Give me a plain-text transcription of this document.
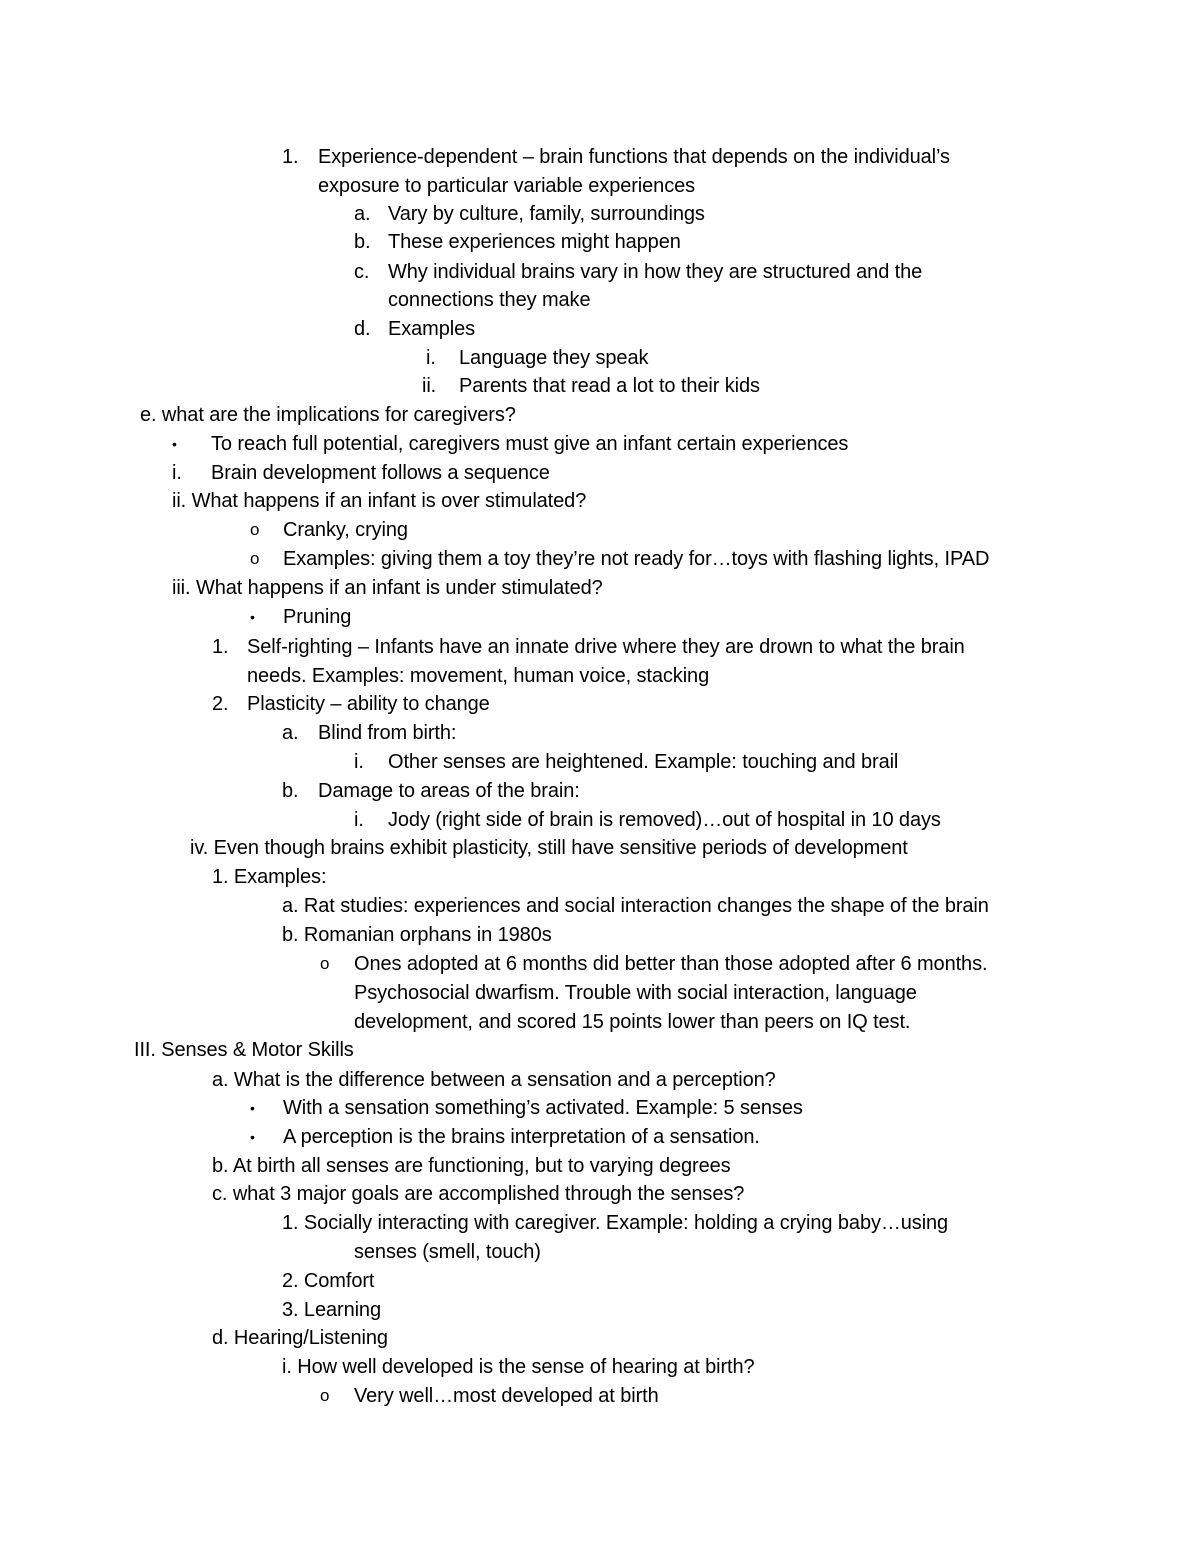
1. Experience-dependent – brain functions that depends on the individual’s
exposure to particular variable experiences
a. Vary by culture, family, surroundings
b. These experiences might happen
c. Why individual brains vary in how they are structured and the
connections they make
d. Examples
i. Language they speak
ii. Parents that read a lot to their kids
e. what are the implications for caregivers?
• To reach full potential, caregivers must give an infant certain experiences
i. Brain development follows a sequence
ii. What happens if an infant is over stimulated?
o Cranky, crying
o Examples: giving them a toy they’re not ready for…toys with flashing lights, IPAD
iii. What happens if an infant is under stimulated?
• Pruning
1. Self-righting – Infants have an innate drive where they are drown to what the brain
needs. Examples: movement, human voice, stacking
2. Plasticity – ability to change
a. Blind from birth:
i. Other senses are heightened. Example: touching and brail
b. Damage to areas of the brain:
i. Jody (right side of brain is removed)…out of hospital in 10 days
iv. Even though brains exhibit plasticity, still have sensitive periods of development
1. Examples:
a. Rat studies: experiences and social interaction changes the shape of the brain
b. Romanian orphans in 1980s
o Ones adopted at 6 months did better than those adopted after 6 months.
Psychosocial dwarfism. Trouble with social interaction, language
development, and scored 15 points lower than peers on IQ test.
III. Senses & Motor Skills
a. What is the difference between a sensation and a perception?
• With a sensation something’s activated. Example: 5 senses
• A perception is the brains interpretation of a sensation.
b. At birth all senses are functioning, but to varying degrees
c. what 3 major goals are accomplished through the senses?
1. Socially interacting with caregiver. Example: holding a crying baby…using
senses (smell, touch)
2. Comfort
3. Learning
d. Hearing/Listening
i. How well developed is the sense of hearing at birth?
o Very well…most developed at birth
